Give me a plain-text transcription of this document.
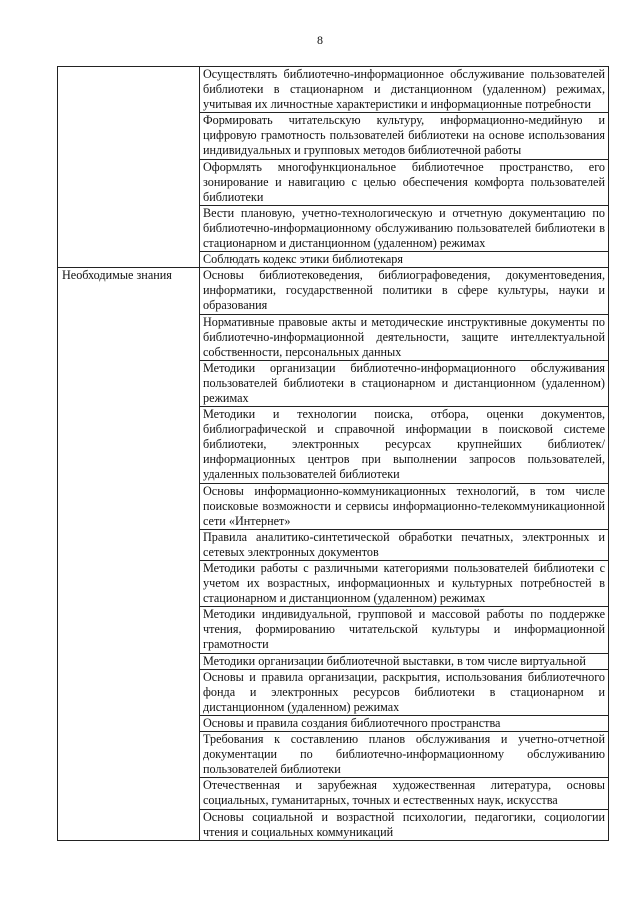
8
	Осуществлять библиотечно-информационное обслуживание пользователей библиотеки в стационарном и дистанционном (удаленном) режимах, учитывая их личностные характеристики и информационные потребности
	Формировать читательскую культуру, информационно-медийную и цифровую грамотность пользователей библиотеки на основе использования индивидуальных и групповых методов библиотечной работы
	Оформлять многофункциональное библиотечное пространство, его зонирование и навигацию с целью обеспечения комфорта пользователей библиотеки
	Вести плановую, учетно-технологическую и отчетную документацию по библиотечно-информационному обслуживанию пользователей библиотеки в стационарном и дистанционном (удаленном) режимах
	Соблюдать кодекс этики библиотекаря
Необходимые знания	Основы библиотековедения, библиографоведения, документоведения, информатики, государственной политики в сфере культуры, науки и образования
	Нормативные правовые акты и методические инструктивные документы по библиотечно-информационной деятельности, защите интеллектуальной собственности, персональных данных
	Методики организации библиотечно-информационного обслуживания пользователей библиотеки в стационарном и дистанционном (удаленном) режимах
	Методики и технологии поиска, отбора, оценки документов, библиографической и справочной информации в поисковой системе библиотеки, электронных ресурсах крупнейших библиотек/информационных центров при выполнении запросов пользователей, удаленных пользователей библиотеки
	Основы информационно-коммуникационных технологий, в том числе поисковые возможности и сервисы информационно-телекоммуникационной сети «Интернет»
	Правила аналитико-синтетической обработки печатных, электронных и сетевых электронных документов
	Методики работы с различными категориями пользователей библиотеки с учетом их возрастных, информационных и культурных потребностей в стационарном и дистанционном (удаленном) режимах
	Методики индивидуальной, групповой и массовой работы по поддержке чтения, формированию читательской культуры и информационной грамотности
	Методики организации библиотечной выставки, в том числе виртуальной
	Основы и правила организации, раскрытия, использования библиотечного фонда и электронных ресурсов библиотеки в стационарном и дистанционном (удаленном) режимах
	Основы и правила создания библиотечного пространства
	Требования к составлению планов обслуживания и учетно-отчетной документации по библиотечно-информационному обслуживанию пользователей библиотеки
	Отечественная и зарубежная художественная литература, основы социальных, гуманитарных, точных и естественных наук, искусства
	Основы социальной и возрастной психологии, педагогики, социологии чтения и социальных коммуникаций
